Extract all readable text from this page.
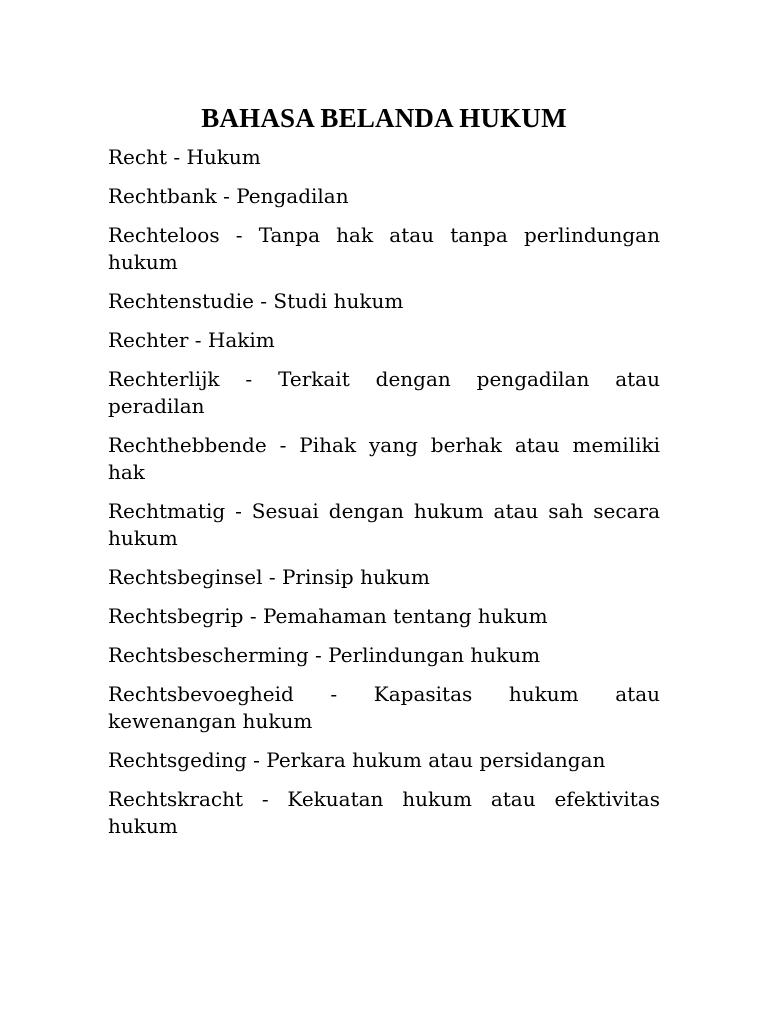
BAHASA BELANDA HUKUM
Recht - Hukum
Rechtbank - Pengadilan
Rechteloos - Tanpa hak atau tanpa perlindungan hukum
Rechtenstudie - Studi hukum
Rechter - Hakim
Rechterlijk - Terkait dengan pengadilan atau peradilan
Rechthebbende - Pihak yang berhak atau memiliki hak
Rechtmatig - Sesuai dengan hukum atau sah secara hukum
Rechtsbeginsel - Prinsip hukum
Rechtsbegrip - Pemahaman tentang hukum
Rechtsbescherming - Perlindungan hukum
Rechtsbevoegheid - Kapasitas hukum atau kewenangan hukum
Rechtsgeding - Perkara hukum atau persidangan
Rechtskracht - Kekuatan hukum atau efektivitas hukum
